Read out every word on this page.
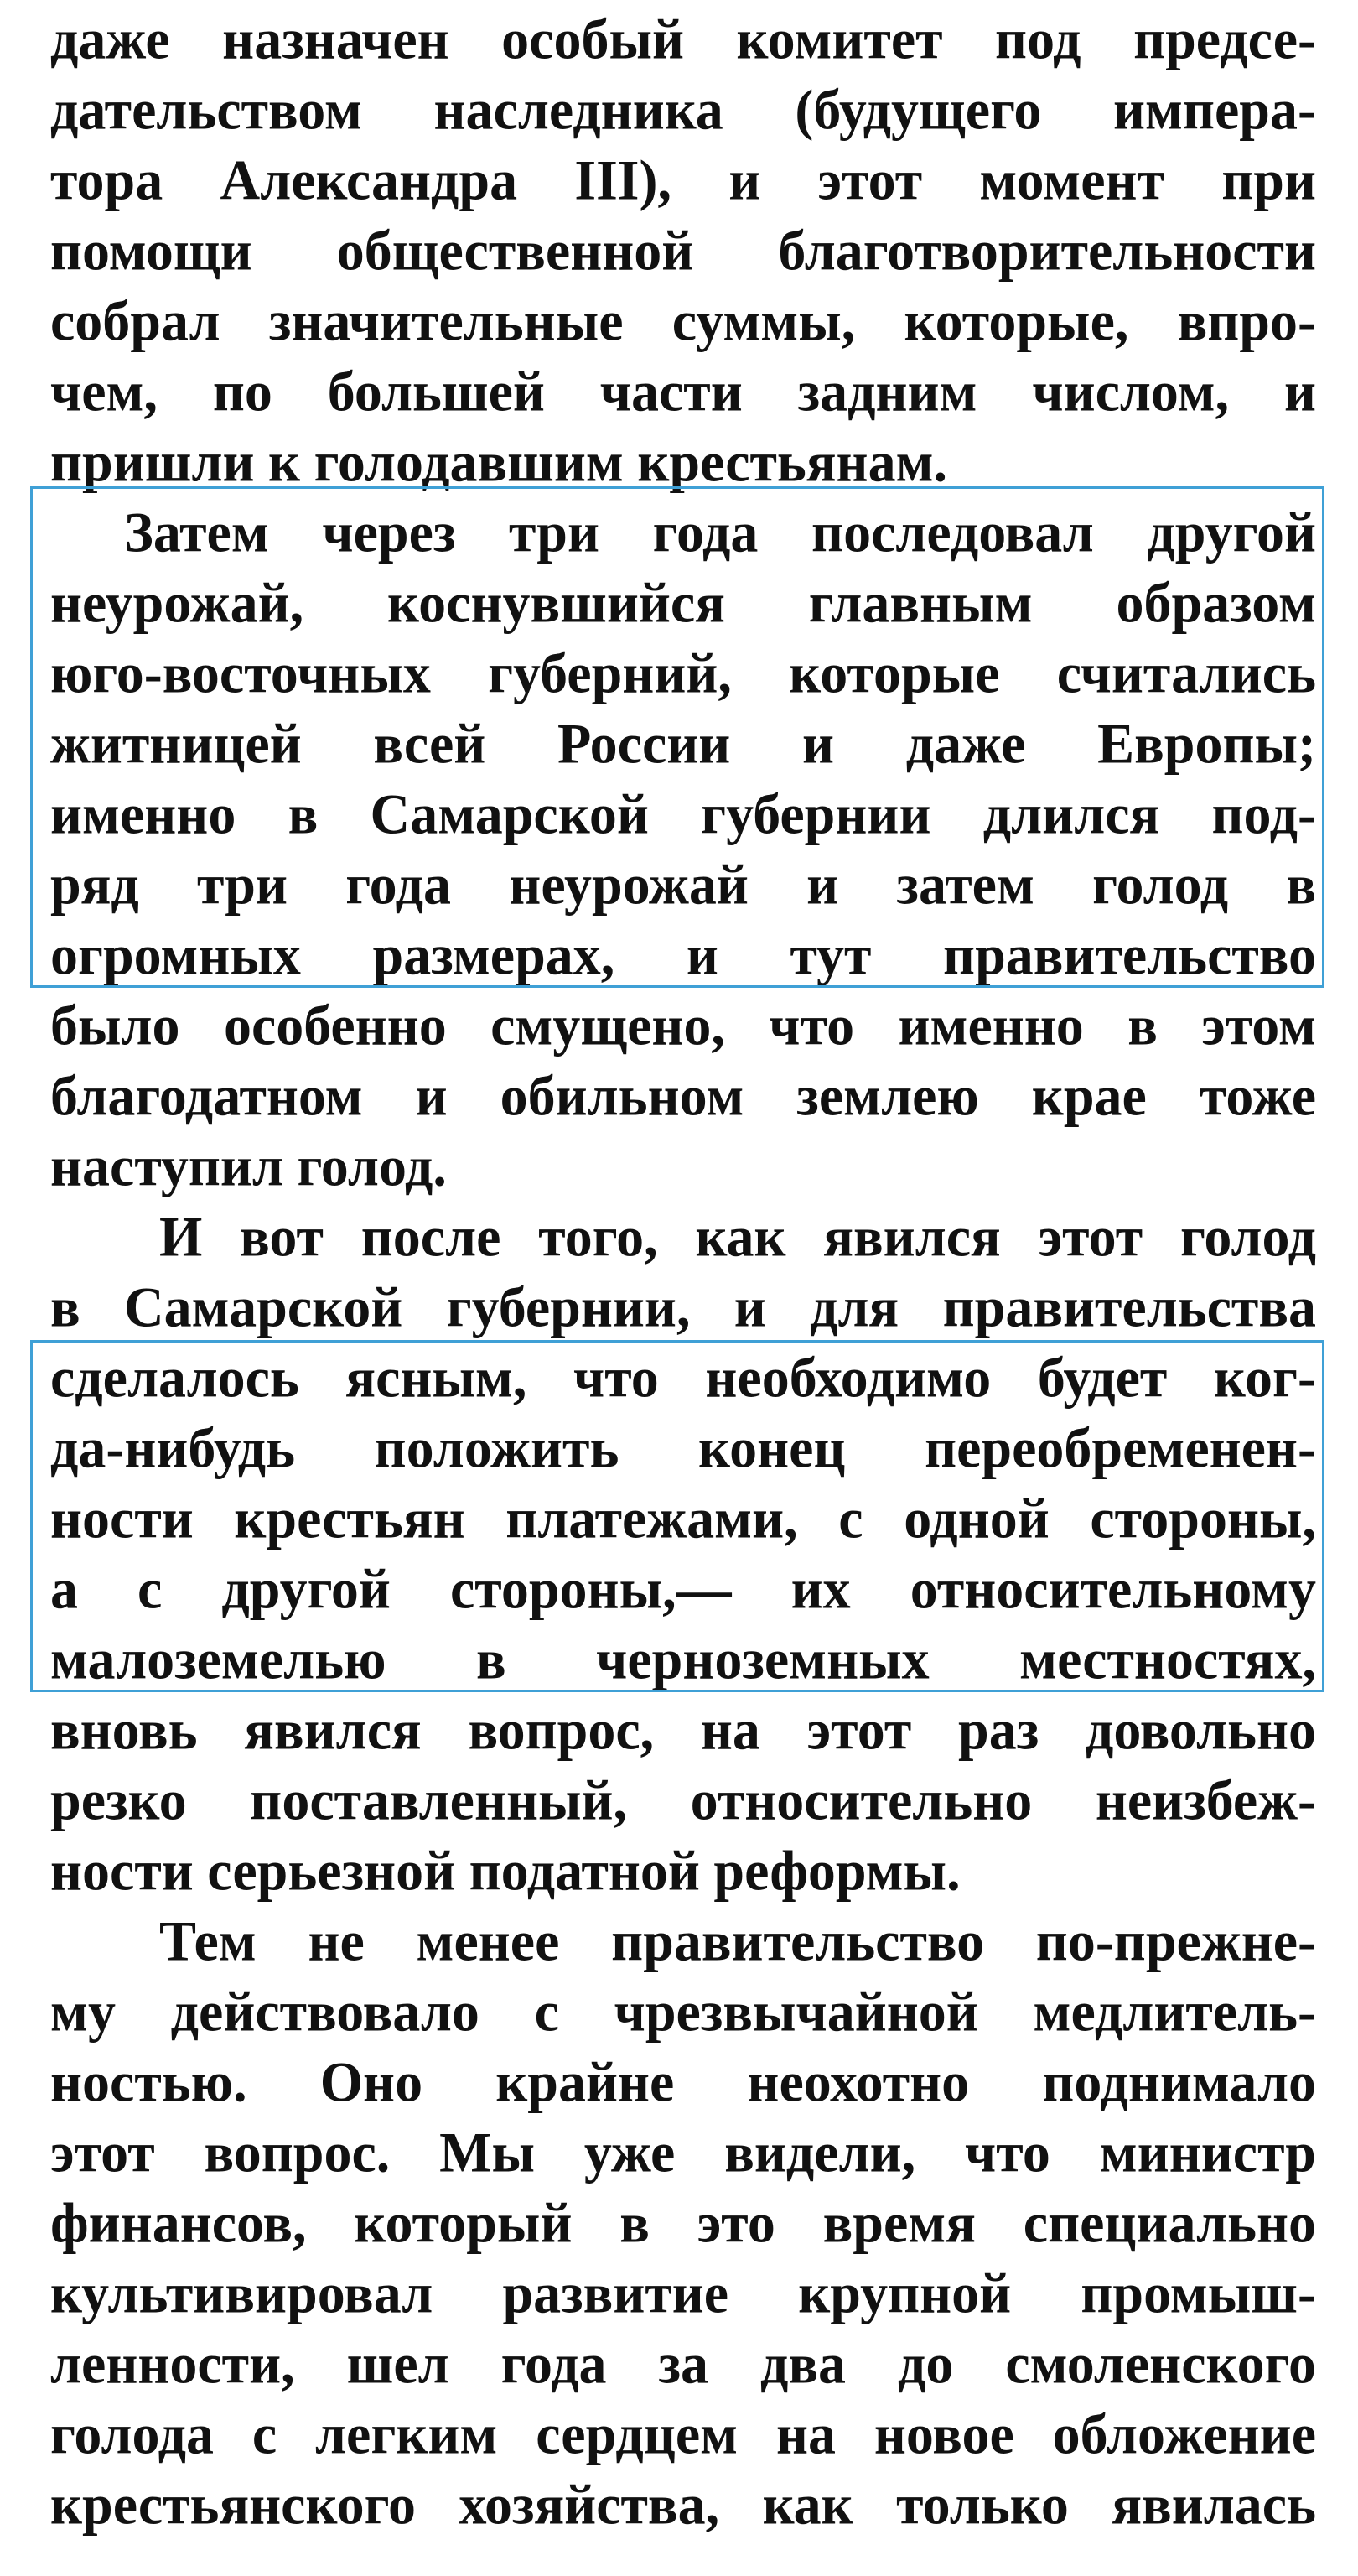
даже назначен особый комитет под предсе-
дательством наследника (будущего импера-
тора Александра III), и этот момент при
помощи общественной благотворительности
собрал значительные суммы, которые, впро-
чем, по большей части задним числом, и
пришли к голодавшим крестьянам.
Затем через три года последовал другой
неурожай, коснувшийся главным образом
юго-восточных губерний, которые считались
житницей всей России и даже Европы;
именно в Самарской губернии длился под-
ряд три года неурожай и затем голод в
огромных размерах, и тут правительство
было особенно смущено, что именно в этом
благодатном и обильном землею крае тоже
наступил голод.
И вот после того, как явился этот голод
в Самарской губернии, и для правительства
сделалось ясным, что необходимо будет ког-
да-нибудь положить конец переобременен-
ности крестьян платежами, с одной стороны,
а с другой стороны,— их относительному
малоземелью в черноземных местностях,
вновь явился вопрос, на этот раз довольно
резко поставленный, относительно неизбеж-
ности серьезной податной реформы.
Тем не менее правительство по-прежне-
му действовало с чрезвычайной медлитель-
ностью. Оно крайне неохотно поднимало
этот вопрос. Мы уже видели, что министр
финансов, который в это время специально
культивировал развитие крупной промыш-
ленности, шел года за два до смоленского
голода с легким сердцем на новое обложение
крестьянского хозяйства, как только явилась
